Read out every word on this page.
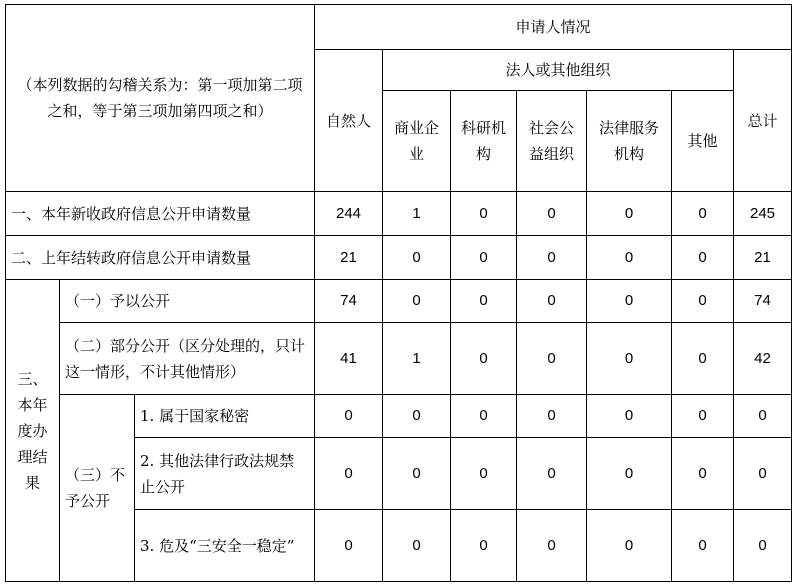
（本列数据的勾稽关系为：第一项加第二项之和，等于第三项加第四项之和）			申请人情况						
			自然人	法人或其他组织					总计
				商业企业	科研机构	社会公益组织	法律服务机构	其他	
一、本年新收政府信息公开申请数量			244	1	0	0	0	0	245
二、上年结转政府信息公开申请数量			21	0	0	0	0	0	21
三、本年度办理结果	（一）予以公开		74	0	0	0	0	0	74
	（二）部分公开（区分处理的，只计这一情形，不计其他情形）		41	1	0	0	0	0	42
	（三）不予公开	1. 属于国家秘密	0	0	0	0	0	0	0
		2. 其他法律行政法规禁止公开	0	0	0	0	0	0	0
		3. 危及“三安全一稳定”	0	0	0	0	0	0	0
